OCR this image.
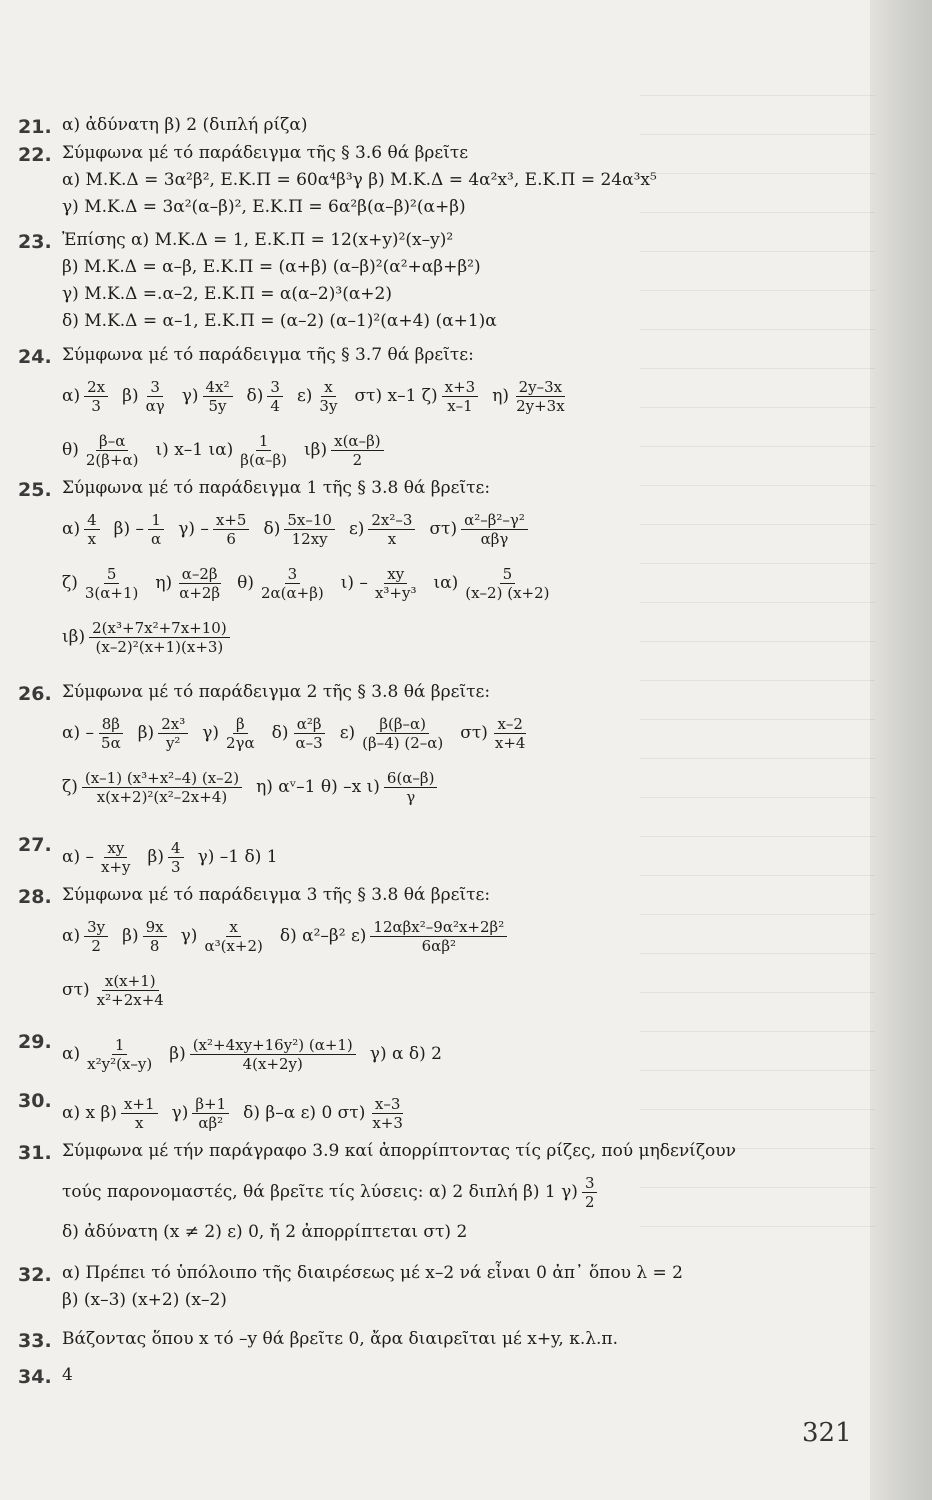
21. α) ἀδύνατη β) 2 (διπλή ρίζα)
22. Σύμφωνα μέ τό παράδειγμα τῆς § 3.6 θά βρεῖτε
α) Μ.Κ.Δ = 3α²β², Ε.Κ.Π = 60α⁴β³γ β) Μ.Κ.Δ = 4α²x³, Ε.Κ.Π = 24α³x⁵
γ) Μ.Κ.Δ = 3α²(α–β)², Ε.Κ.Π = 6α²β(α–β)²(α+β)
23. Ἐπίσης α) Μ.Κ.Δ = 1, Ε.Κ.Π = 12(x+y)²(x–y)²
β) Μ.Κ.Δ = α–β, Ε.Κ.Π = (α+β) (α–β)²(α²+αβ+β²)
γ) Μ.Κ.Δ =.α–2, Ε.Κ.Π = α(α–2)³(α+2)
δ) Μ.Κ.Δ = α–1, Ε.Κ.Π = (α–2) (α–1)²(α+4) (α+1)α
24. Σύμφωνα μέ τό παράδειγμα τῆς § 3.7 θά βρεῖτε:
$\alpha) \frac{2x}{3} \beta) \frac{3}{\alpha\gamma} \gamma) \frac{\text{4x²}}{5y} \delta) \frac{3}{4} \varepsilon) \frac{x}{3y} \sigma\tau$) x–1 $\zeta) \frac{x+3}{x-1} \eta) \frac{2y-3x}{2y+3x}$
$\theta) \frac{\beta-\alpha}{2(\beta+\alpha)} \iota$) x–1 $\iota\alpha) \frac{1}{\beta(\alpha-\beta)} \iota\beta) \frac{x(\alpha-\beta)}{2}$
25. Σύμφωνα μέ τό παράδειγμα 1 τῆς § 3.8 θά βρεῖτε:
$\alpha) \frac{4}{x} \beta) - \frac{1}{\alpha} \gamma) - \frac{x+5}{6} \delta) \frac{5x-10}{12xy} \varepsilon) \frac{\text{2x²–3}}{x} \sigma\tau) \frac{\text{α²–β²–γ²}}{\text{αβγ}}$
$\zeta) \frac{5}{3(\alpha+1)} \eta) \frac{\alpha-2\beta}{\alpha+2\beta} \theta) \frac{3}{2\alpha(\alpha+\beta)} \iota) - \frac{xy}{\text{x³+y³}} \iota\alpha) \frac{5}{(x-2) (x+2)}$
$\iota\beta) \frac{\text{2(x³+7x²+7x+10)}}{\text{(x–2)²(x+1)(x+3)}}$
26. Σύμφωνα μέ τό παράδειγμα 2 τῆς § 3.8 θά βρεῖτε:
$\alpha) - \frac{8\beta}{5\alpha} \beta) \frac{\text{2x³}}{\text{y²}} \gamma) \frac{\beta}{2\gamma\alpha} \delta) \frac{\text{α²β}}{\alpha-3} \varepsilon) \frac{\beta(\beta-\alpha)}{(\beta-4) (2-\alpha)} \sigma\tau) \frac{x-2}{x+4}$
$\zeta) \frac{\text{(x–1) (x³+x²–4) (x–2)}}{\text{x(x+2)²(x²–2x+4)}} \eta$) αᵛ–1 θ) –x $\iota) \frac{6(\alpha-\beta)}{\gamma}$
27.
$\alpha) - \frac{xy}{x+y} \beta) \frac{4}{3} \gamma$) –1 δ) 1
28. Σύμφωνα μέ τό παράδειγμα 3 τῆς § 3.8 θά βρεῖτε:
$\alpha) \frac{3y}{2} \beta) \frac{9x}{8} \gamma) \frac{x}{\text{α³(x+2)}} \delta$) α²–β² $\varepsilon) \frac{\text{12αβx²–9α²x+2β²}}{\text{6αβ²}}$
$\sigma\tau) \frac{x(x+1)}{\text{x²+2x+4}}$
29.
$\alpha) \frac{1}{\text{x²y²(x–y)}} \beta) \frac{\text{(x²+4xy+16y²) (α+1)}}{4(x+2y)} \gamma$) α δ) 2
30.
α) x $\beta) \frac{x+1}{x} \gamma) \frac{\beta+1}{\text{αβ²}} \delta$) β–α ε) 0 $\sigma\tau) \frac{x-3}{x+3}$
31. Σύμφωνα μέ τήν παράγραφο 3.9 καί ἀπορρίπτοντας τίς ρίζες, πού μηδενίζουν
τούς παρονομαστές, θά βρεῖτε τίς λύσεις: α) 2 διπλή β) 1 $\gamma) \frac{3}{2}$
δ) ἀδύνατη (x ≠ 2) ε) 0, ἤ 2 ἀπορρίπτεται στ) 2
32. α) Πρέπει τό ὑπόλοιπο τῆς διαιρέσεως μέ x–2 νά εἶναι 0 ἀπ᾽ ὅπου λ = 2
β) (x–3) (x+2) (x–2)
33. Βάζοντας ὅπου x τό –y θά βρεῖτε 0, ἄρα διαιρεῖται μέ x+y, κ.λ.π.
34. 4
321
